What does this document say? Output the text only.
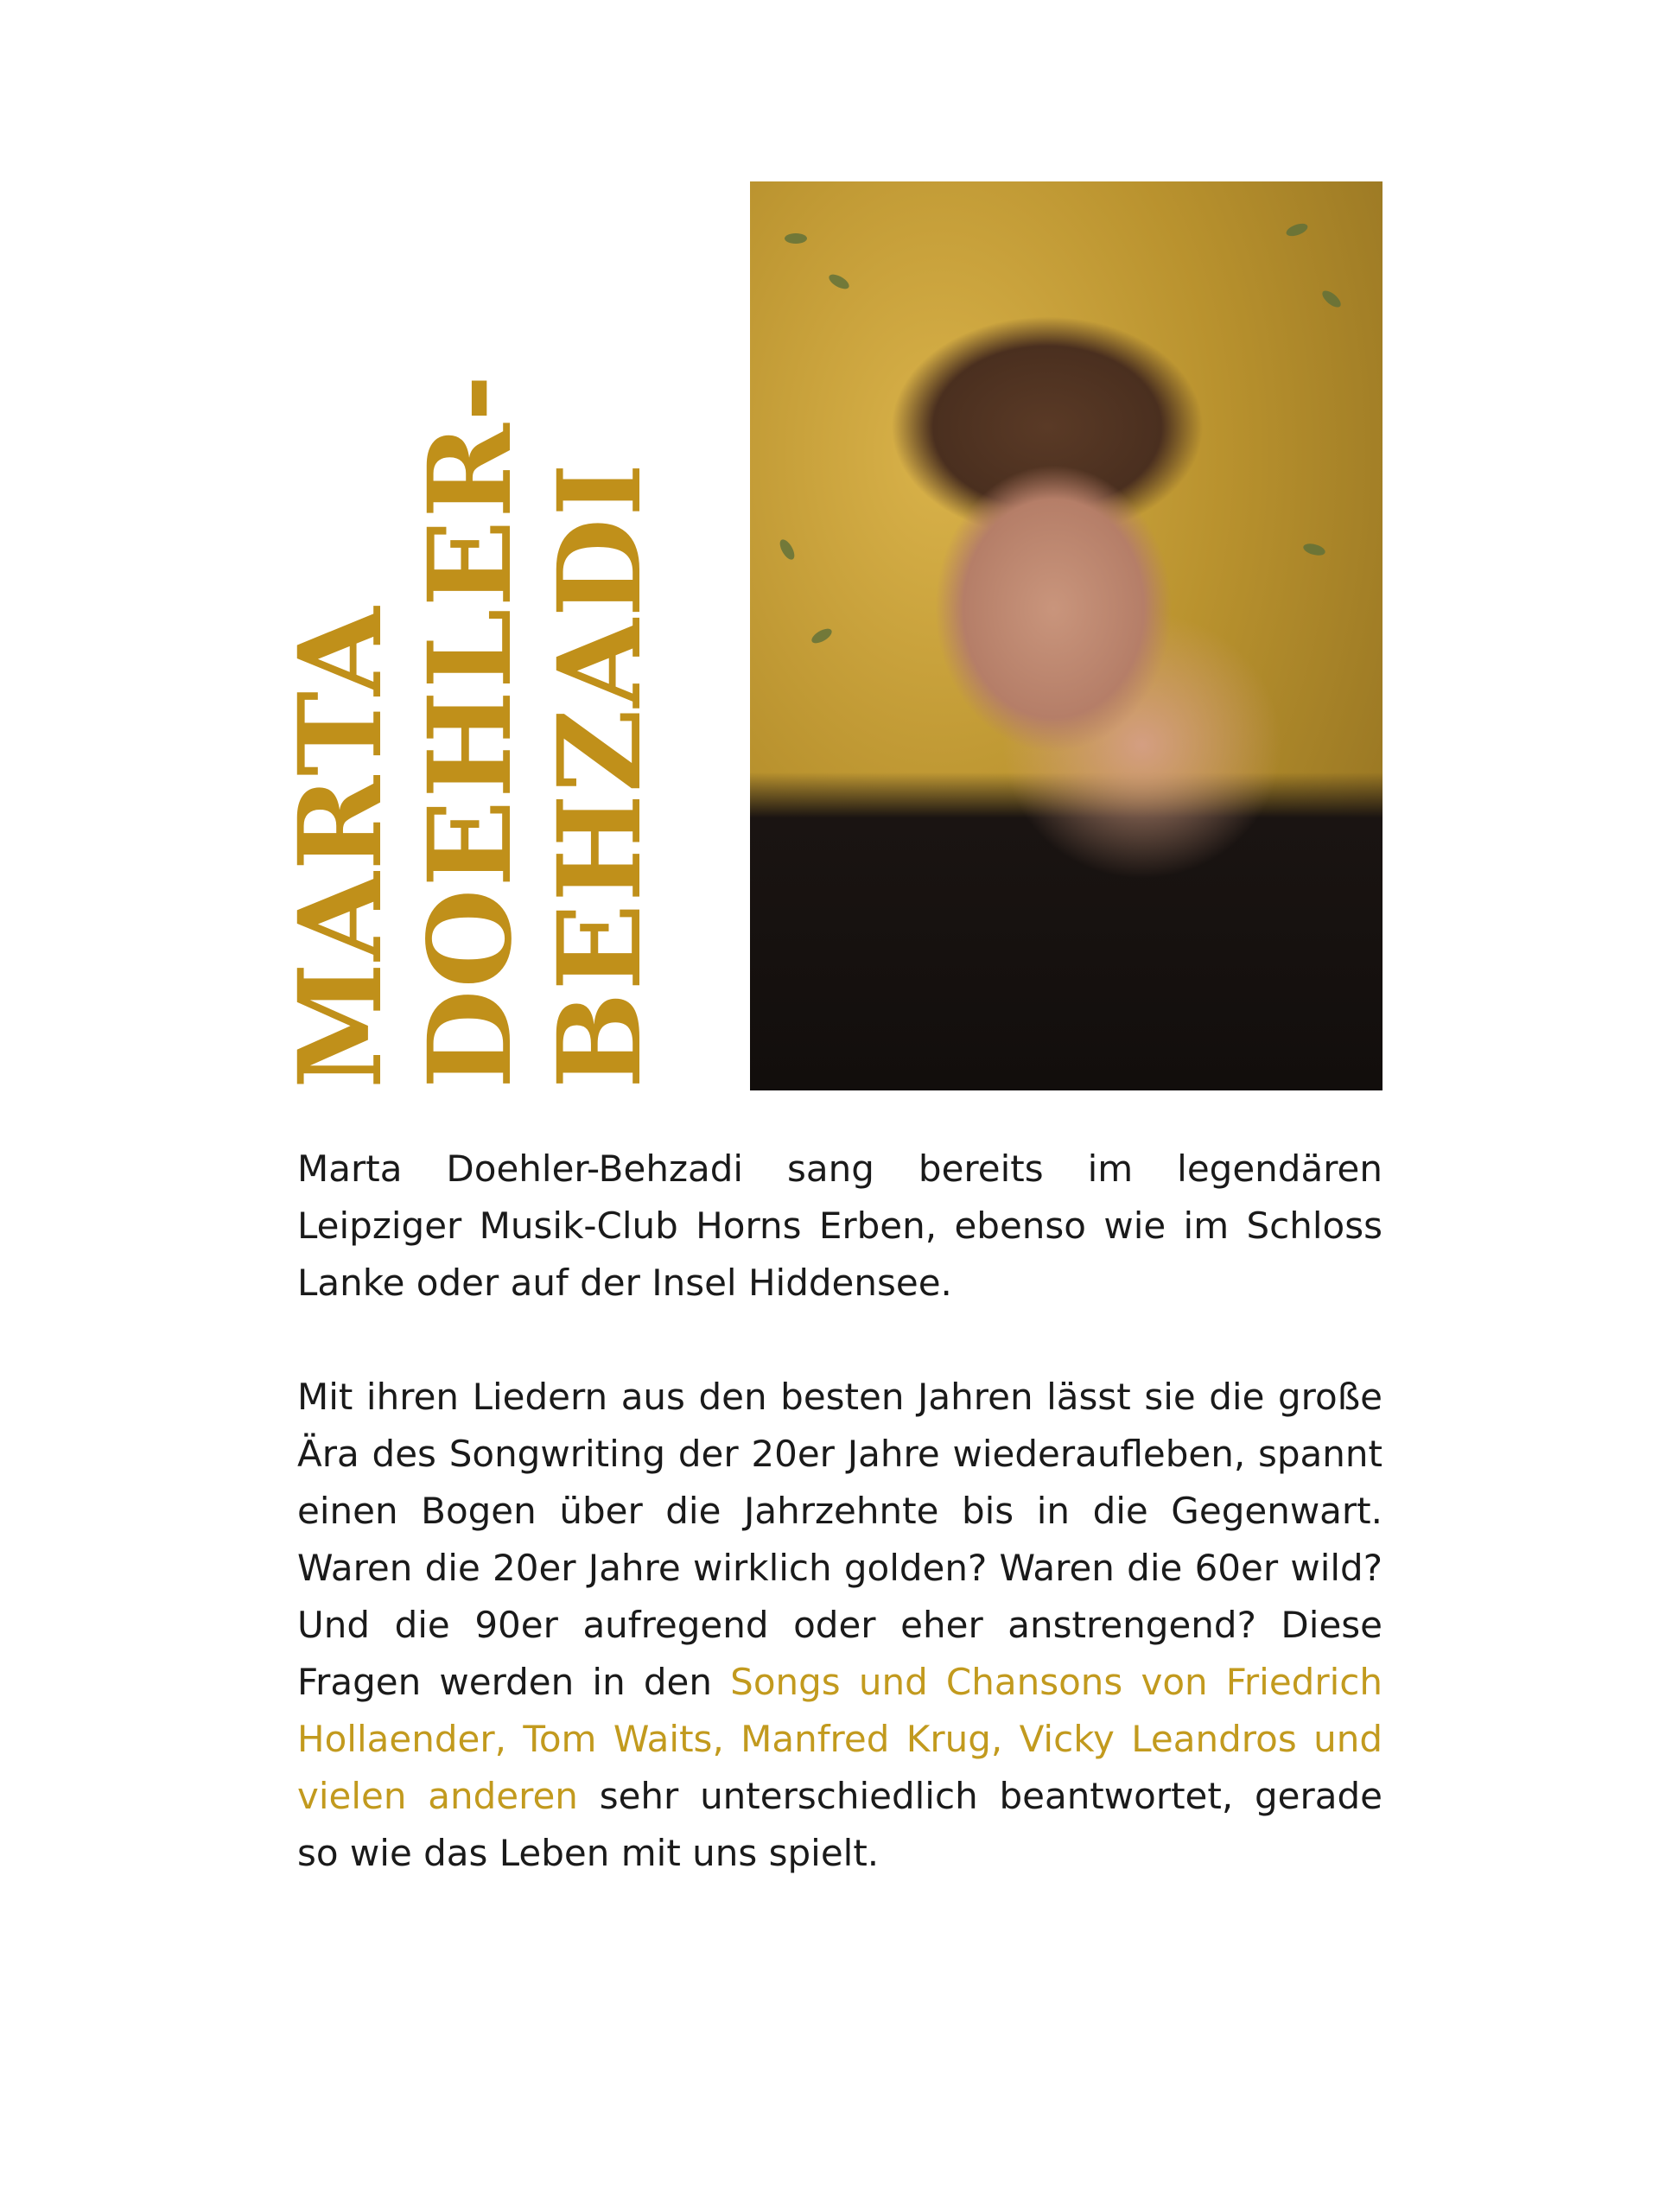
MARTA
DOEHLER-
BEHZADI

Marta Doehler-Behzadi sang bereits im legendären Leipziger Musik-Club Horns Erben, ebenso wie im Schloss Lanke oder auf der Insel Hiddensee.

Mit ihren Liedern aus den besten Jahren lässt sie die große Ära des Songwriting der 20er Jahre wiederaufleben, spannt einen Bogen über die Jahrzehnte bis in die Gegenwart. Waren die 20er Jahre wirklich golden? Waren die 60er wild? Und die 90er aufregend oder eher anstrengend? Diese Fragen werden in den Songs und Chansons von Friedrich Hollaender, Tom Waits, Manfred Krug, Vicky Leandros und vielen anderen sehr unterschiedlich beantwortet, gerade so wie das Leben mit uns spielt.
